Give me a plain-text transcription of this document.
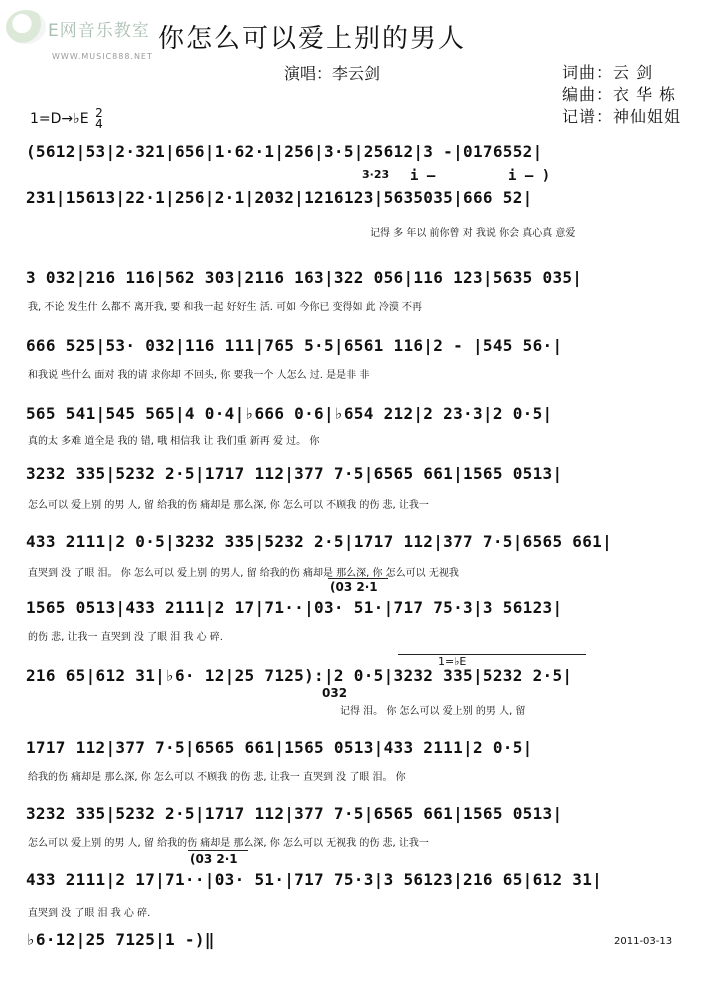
E网音乐教室
WWW.MUSIC888.NET
你怎么可以爱上别的男人
演唱：李云剑	词曲：云 剑
编曲：衣 华 栋
记谱：神仙姐姐
1=D→♭E 2
4
3·23 i —	i — )
(03 2·1
1=♭E
032
(03 2·1
(5612|53|2·321|656|1·62·1|256|3·5|25612|3 -|0176552|
231|15613|22·1|256|2·1|2032|1216123|5635035|666 52|
记得 多 年以 前你曾 对 我说 你会 真心真 意爱
3 032|216 116|562 303|2116 163|322 056|116 123|5635 035|
我, 不论 发生什 么都不 离开我, 要 和我一起 好好生 活. 可如 今你已 变得如 此 冷漠 不再
666 525|53· 032|116 111|765 5·5|6561 116|2 - |545 56·|
和我说 些什么 面对 我的请 求你却 不回头, 你 要我一个 人怎么 过. 是是非 非
565 541|545 565|4 0·4|♭666 0·6|♭654 212|2 23·3|2 0·5|
真的太 多难 道全是 我的 错, 哦 相信我 让 我们重 新再 爱 过。 你
3232 335|5232 2·5|1717 112|377 7·5|6565 661|1565 0513|
怎么可以 爱上别 的男 人, 留 给我的伤 痛却是 那么深, 你 怎么可以 不顾我 的伤 悲, 让我一
433 2111|2 0·5|3232 335|5232 2·5|1717 112|377 7·5|6565 661|
直哭到 没 了眼 泪。 你 怎么可以 爱上别 的男人, 留 给我的伤 痛却是 那么深, 你 怎么可以 无视我
1565 0513|433 2111|2 17|71··|03· 51·|717 75·3|3 56123|
的伤 悲, 让我一 直哭到 没 了眼 泪 我 心 碎.
216 65|612 31|♭6· 12|25 7125):|2 0·5|3232 335|5232 2·5|
记得 泪。 你 怎么可以 爱上别 的男 人, 留
1717 112|377 7·5|6565 661|1565 0513|433 2111|2 0·5|
给我的伤 痛却是 那么深, 你 怎么可以 不顾我 的伤 悲, 让我一 直哭到 没 了眼 泪。 你
3232 335|5232 2·5|1717 112|377 7·5|6565 661|1565 0513|
怎么可以 爱上别 的男 人, 留 给我的伤 痛却是 那么深, 你 怎么可以 无视我 的伤 悲, 让我一
433 2111|2 17|71··|03· 51·|717 75·3|3 56123|216 65|612 31|
直哭到 没 了眼 泪 我 心 碎.
♭6·12|25 7125|1 -)‖	2011-03-13
